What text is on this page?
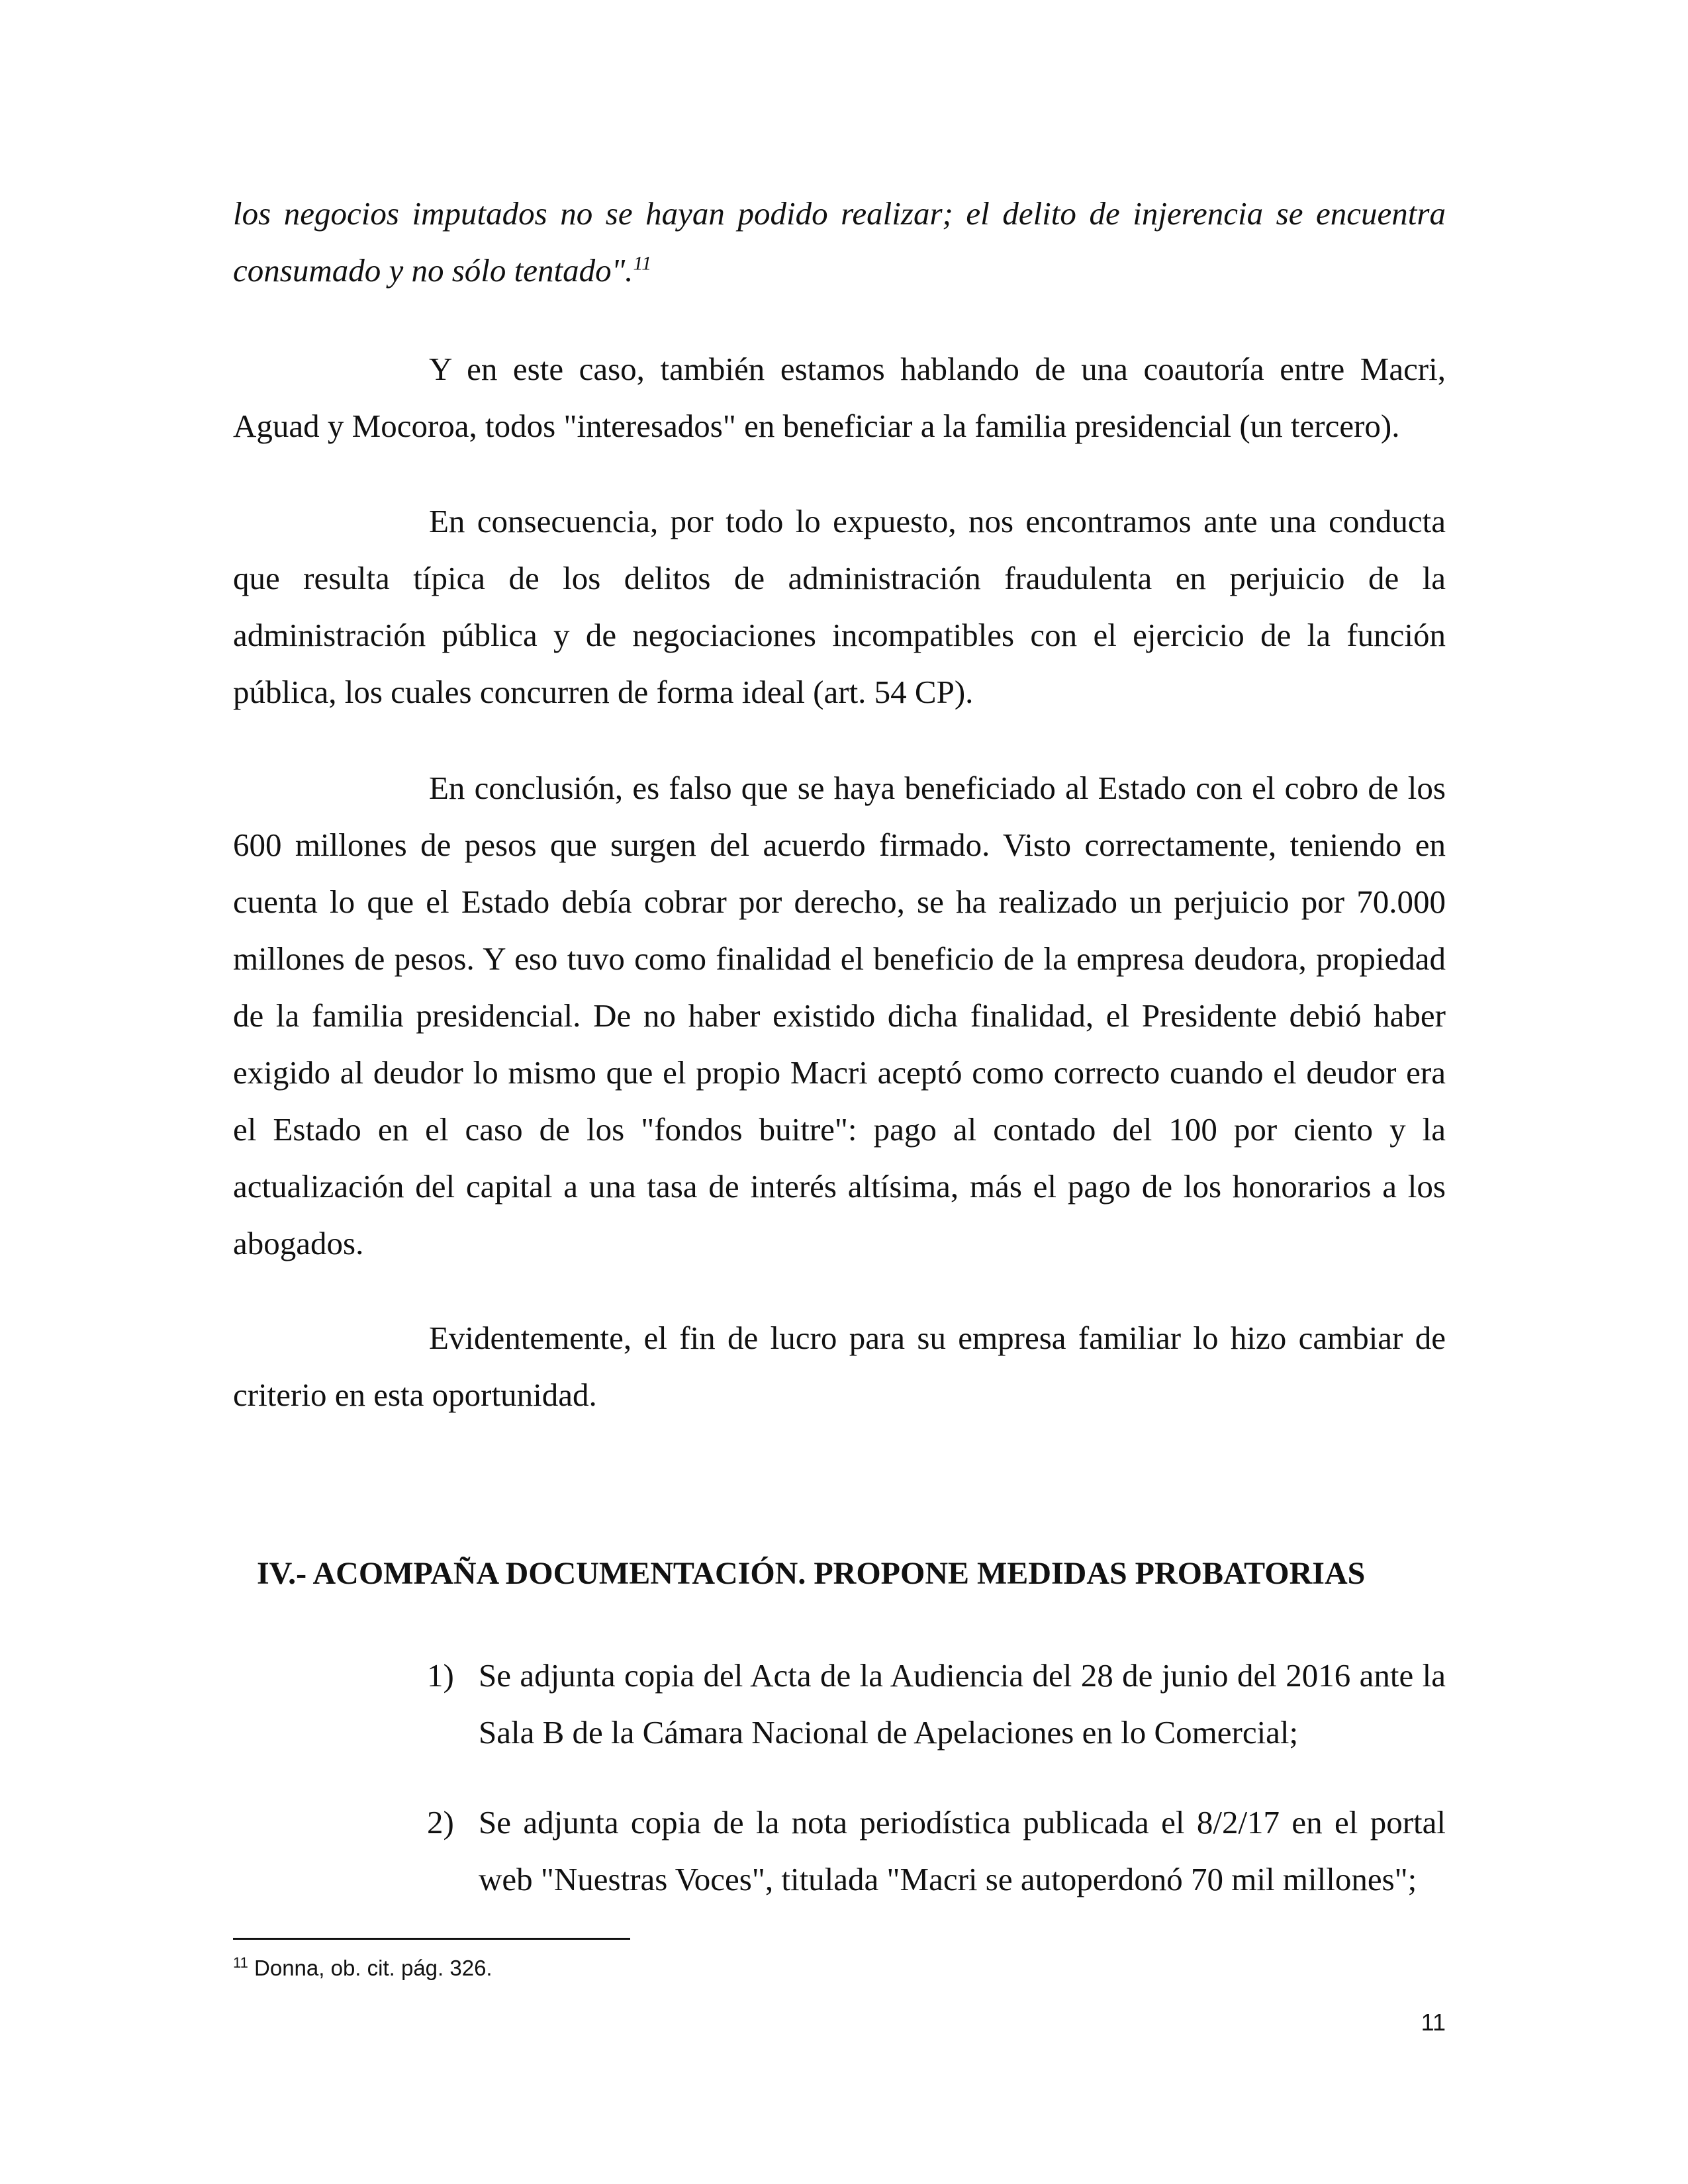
los negocios imputados no se hayan podido realizar; el delito de injerencia se encuentra consumado y no sólo tentado".$^{11}$

Y en este caso, también estamos hablando de una coautoría entre Macri, Aguad y Mocoroa, todos "interesados" en beneficiar a la familia presidencial (un tercero).

En consecuencia, por todo lo expuesto, nos encontramos ante una conducta que resulta típica de los delitos de administración fraudulenta en perjuicio de la administración pública y de negociaciones incompatibles con el ejercicio de la función pública, los cuales concurren de forma ideal (art. 54 CP).

En conclusión, es falso que se haya beneficiado al Estado con el cobro de los 600 millones de pesos que surgen del acuerdo firmado. Visto correctamente, teniendo en cuenta lo que el Estado debía cobrar por derecho, se ha realizado un perjuicio por 70.000 millones de pesos. Y eso tuvo como finalidad el beneficio de la empresa deudora, propiedad de la familia presidencial. De no haber existido dicha finalidad, el Presidente debió haber exigido al deudor lo mismo que el propio Macri aceptó como correcto cuando el deudor era el Estado en el caso de los "fondos buitre": pago al contado del 100 por ciento y la actualización del capital a una tasa de interés altísima, más el pago de los honorarios a los abogados.

Evidentemente, el fin de lucro para su empresa familiar lo hizo cambiar de criterio en esta oportunidad.

IV.- ACOMPAÑA DOCUMENTACIÓN. PROPONE MEDIDAS PROBATORIAS
1) Se adjunta copia del Acta de la Audiencia del 28 de junio del 2016 ante la Sala B de la Cámara Nacional de Apelaciones en lo Comercial;
2) Se adjunta copia de la nota periodística publicada el 8/2/17 en el portal web "Nuestras Voces", titulada "Macri se autoperdonó 70 mil millones";

$^{11}$ Donna, ob. cit. pág. 326.

11
